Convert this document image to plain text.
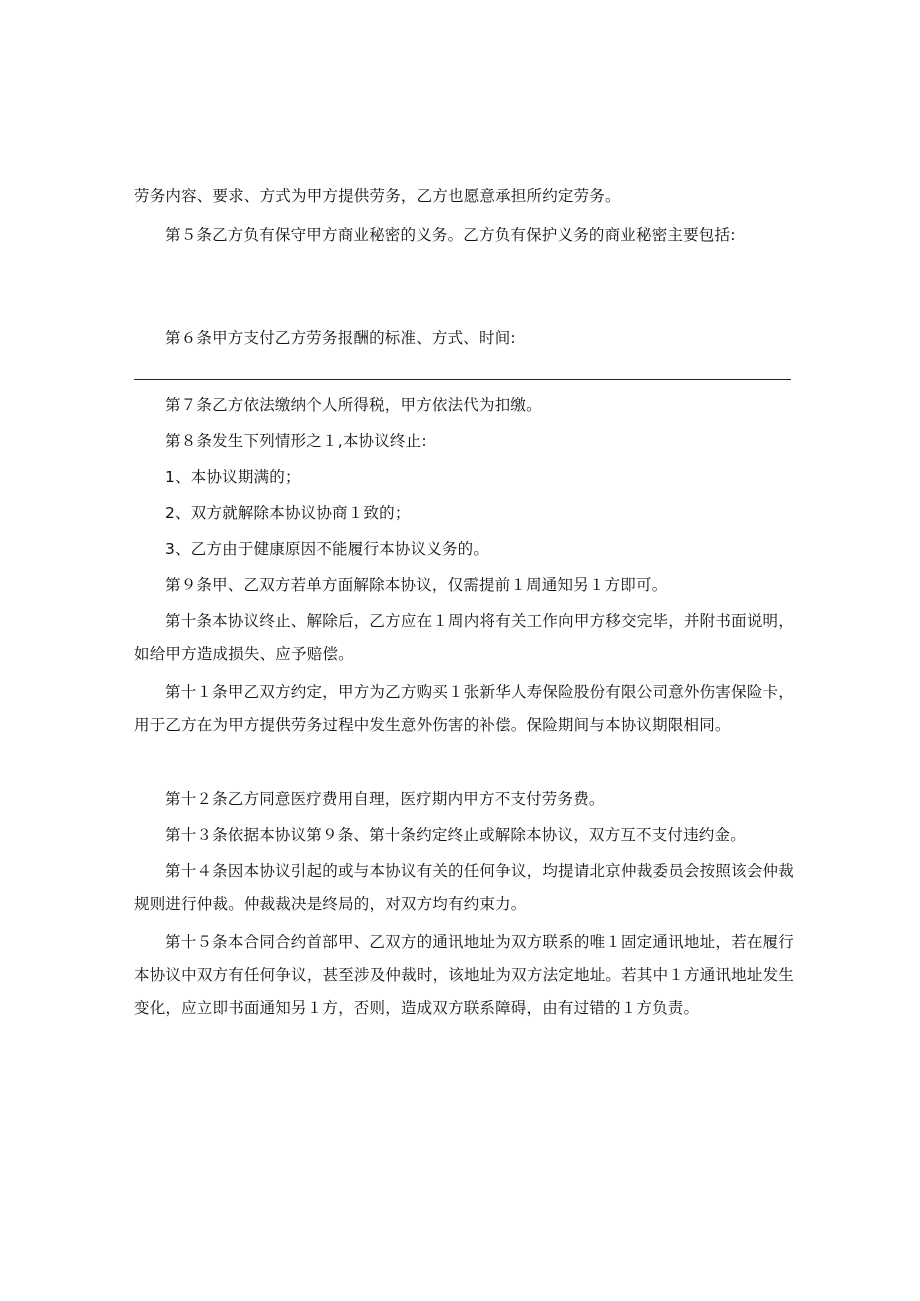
劳务内容、要求、方式为甲方提供劳务，乙方也愿意承担所约定劳务。

第５条乙方负有保守甲方商业秘密的义务。乙方负有保护义务的商业秘密主要包括:

第６条甲方支付乙方劳务报酬的标准、方式、时间:

第７条乙方依法缴纳个人所得税，甲方依法代为扣缴。

第８条发生下列情形之１,本协议终止:

1、本协议期满的；

2、双方就解除本协议协商１致的；

3、乙方由于健康原因不能履行本协议义务的。

第９条甲、乙双方若单方面解除本协议，仅需提前１周通知另１方即可。

第十条本协议终止、解除后，乙方应在１周内将有关工作向甲方移交完毕，并附书面说明，如给甲方造成损失、应予赔偿。

第十１条甲乙双方约定，甲方为乙方购买１张新华人寿保险股份有限公司意外伤害保险卡，用于乙方在为甲方提供劳务过程中发生意外伤害的补偿。保险期间与本协议期限相同。

第十２条乙方同意医疗费用自理，医疗期内甲方不支付劳务费。

第十３条依据本协议第９条、第十条约定终止或解除本协议，双方互不支付违约金。

第十４条因本协议引起的或与本协议有关的任何争议，均提请北京仲裁委员会按照该会仲裁规则进行仲裁。仲裁裁决是终局的，对双方均有约束力。

第十５条本合同合约首部甲、乙双方的通讯地址为双方联系的唯１固定通讯地址，若在履行本协议中双方有任何争议，甚至涉及仲裁时，该地址为双方法定地址。若其中１方通讯地址发生变化，应立即书面通知另１方，否则，造成双方联系障碍，由有过错的１方负责。
